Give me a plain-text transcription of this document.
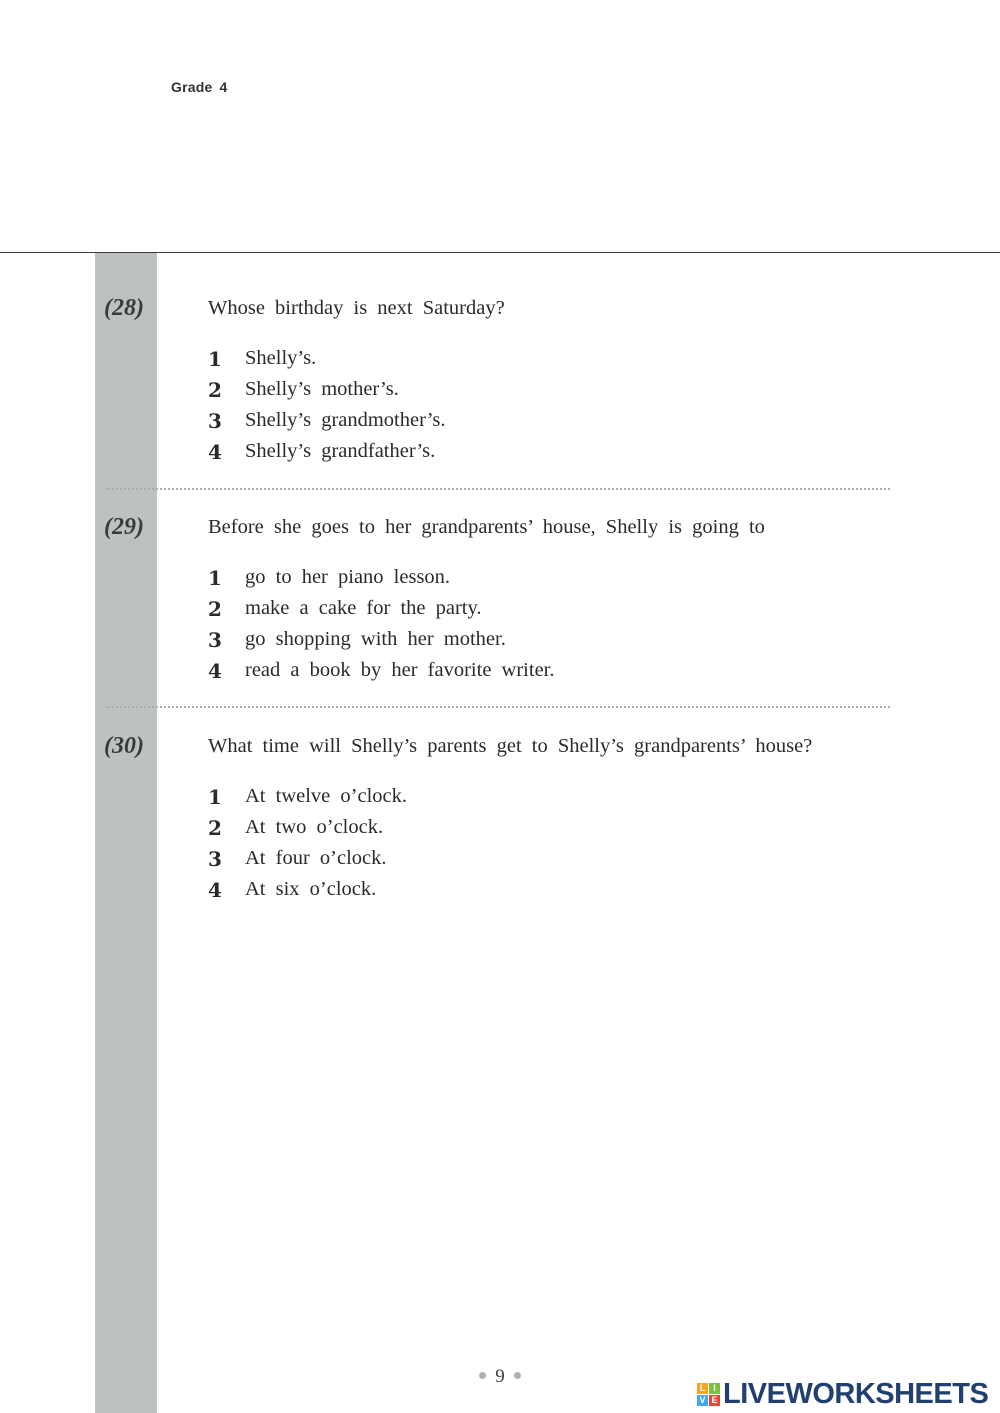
Grade 4
(28)	Whose birthday is next Saturday?
1	Shelly’s.
2	Shelly’s mother’s.
3	Shelly’s grandmother’s.
4	Shelly’s grandfather’s.
(29)	Before she goes to her grandparents’ house, Shelly is going to
1	go to her piano lesson.
2	make a cake for the party.
3	go shopping with her mother.
4	read a book by her favorite writer.
(30)	What time will Shelly’s parents get to Shelly’s grandparents’ house?
1	At twelve o’clock.
2	At two o’clock.
3	At four o’clock.
4	At six o’clock.
9
L I
V E LIVEWORKSHEETS
